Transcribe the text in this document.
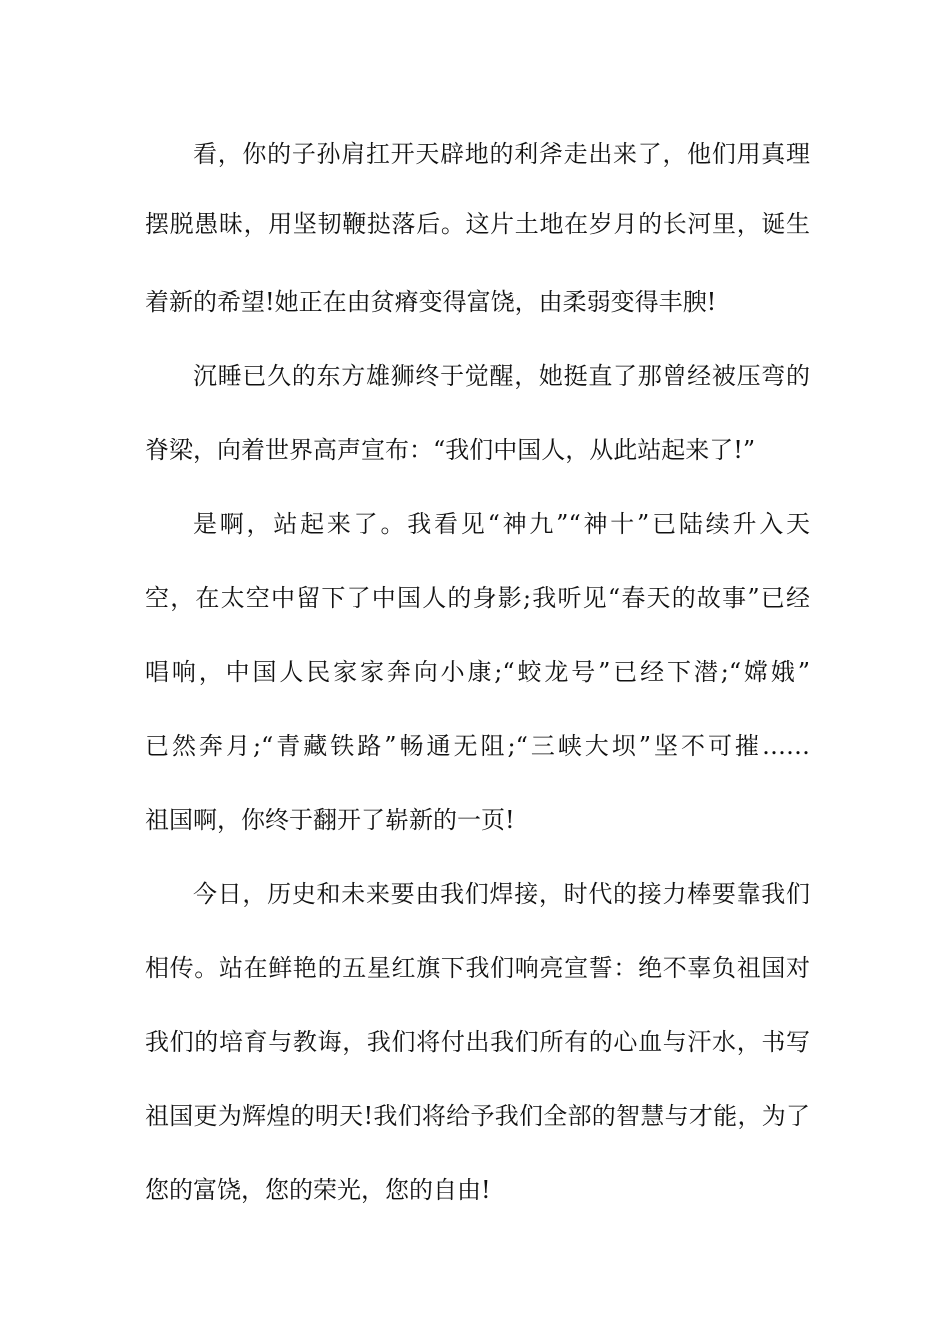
看，你的子孙肩扛开天辟地的利斧走出来了，他们用真理
摆脱愚昧，用坚韧鞭挞落后。这片土地在岁月的长河里，诞生
着新的希望!她正在由贫瘠变得富饶，由柔弱变得丰腴!
沉睡已久的东方雄狮终于觉醒，她挺直了那曾经被压弯的
脊梁，向着世界高声宣布：“我们中国人，从此站起来了!”
是啊，站起来了。我看见“神九”“神十”已陆续升入天
空，在太空中留下了中国人的身影;我听见“春天的故事”已经
唱响，中国人民家家奔向小康;“蛟龙号”已经下潜;“嫦娥”
已然奔月;“青藏铁路”畅通无阻;“三峡大坝”坚不可摧……
祖国啊，你终于翻开了崭新的一页!
今日，历史和未来要由我们焊接，时代的接力棒要靠我们
相传。站在鲜艳的五星红旗下我们响亮宣誓：绝不辜负祖国对
我们的培育与教诲，我们将付出我们所有的心血与汗水，书写
祖国更为辉煌的明天!我们将给予我们全部的智慧与才能，为了
您的富饶，您的荣光，您的自由!
